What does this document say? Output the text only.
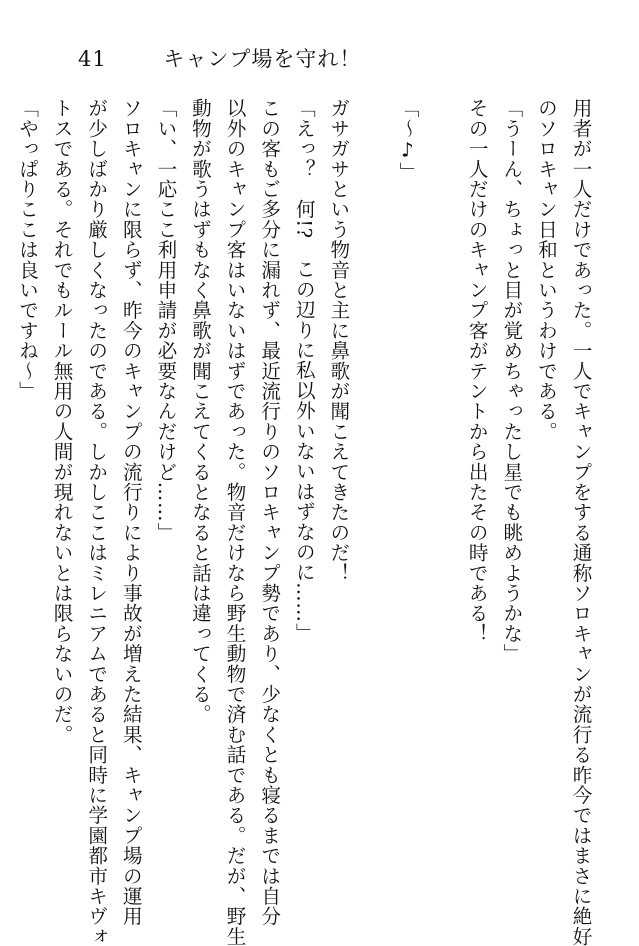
41	キャンプ場を守れ！
用者が一人だけであった。一人でキャンプをする通称ソロキャンが流行る昨今ではまさに絶好
のソロキャン日和というわけである。
「うーん、ちょっと目が覚めちゃったし星でも眺めようかな」
その一人だけのキャンプ客がテントから出たその時である！
「〜♪」
ガサガサという物音と主に鼻歌が聞こえてきたのだ！
「えっ？　何!?　この辺りに私以外いないはずなのに……」
この客もご多分に漏れず、最近流行りのソロキャンプ勢であり、少なくとも寝るまでは自分
以外のキャンプ客はいないはずであった。物音だけなら野生動物で済む話である。だが、野生
動物が歌うはずもなく鼻歌が聞こえてくるとなると話は違ってくる。
「い、一応ここ利用申請が必要なんだけど……」
ソロキャンに限らず、昨今のキャンプの流行りにより事故が増えた結果、キャンプ場の運用
が少しばかり厳しくなったのである。しかしここはミレニアムであると同時に学園都市キヴォ
トスである。それでもルール無用の人間が現れないとは限らないのだ。
「やっぱりここは良いですね〜」
